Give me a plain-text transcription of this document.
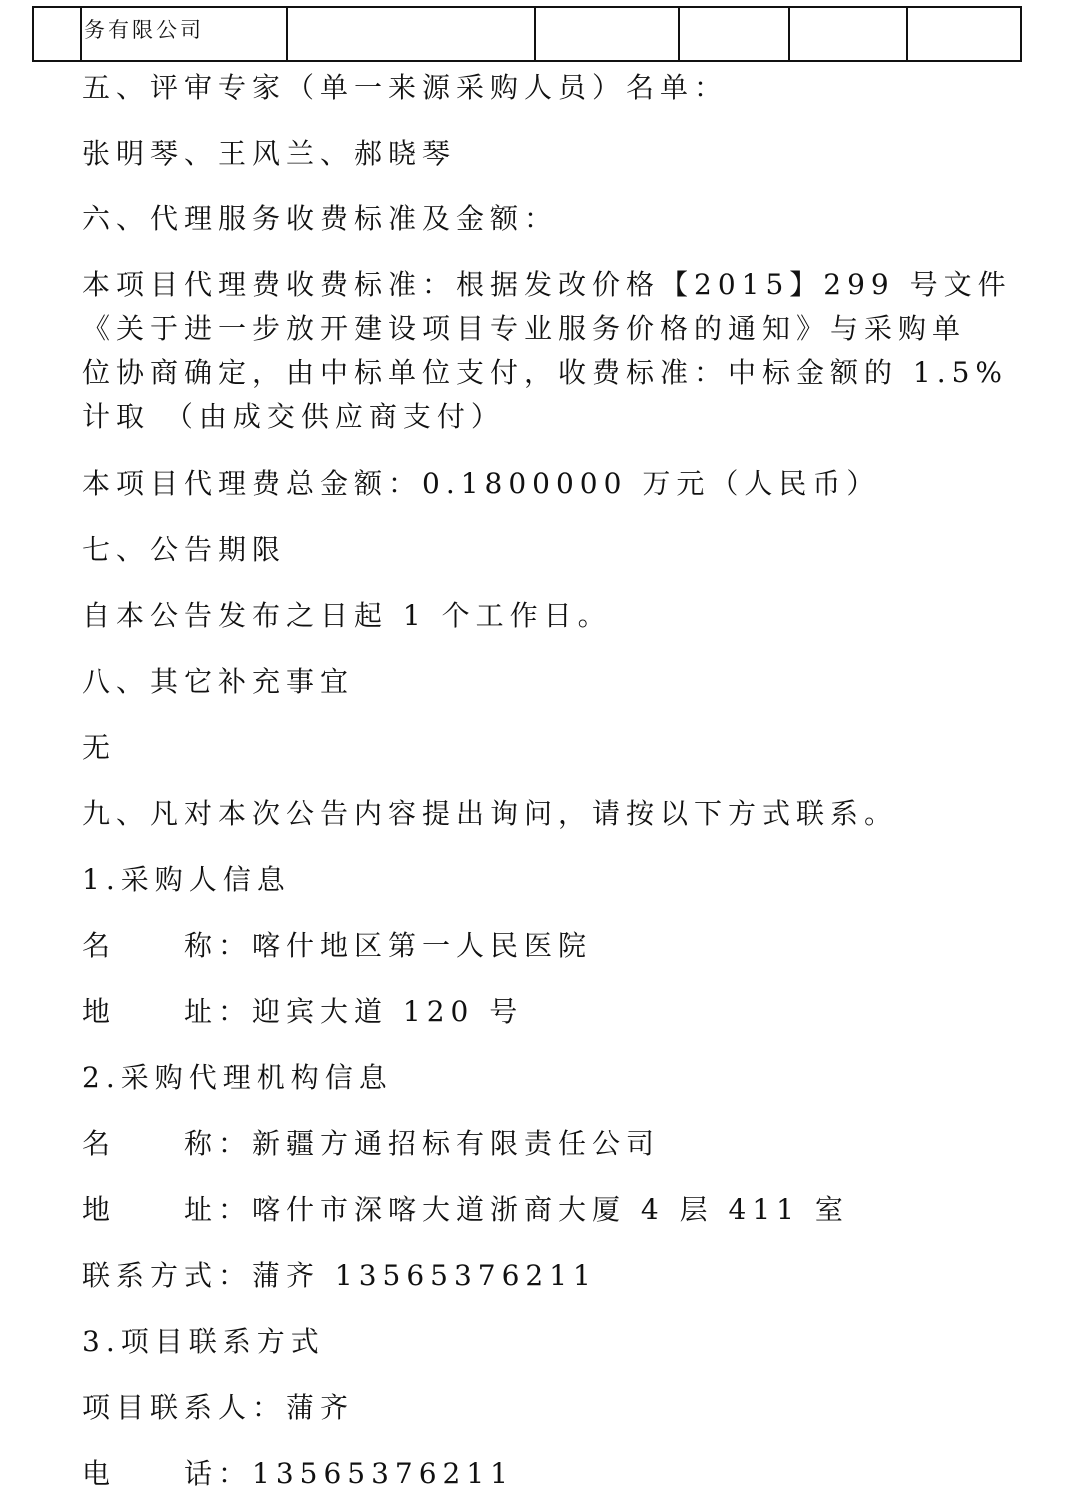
务有限公司

五、评审专家（单一来源采购人员）名单：
张明琴、王风兰、郝晓琴
六、代理服务收费标准及金额：
本项目代理费收费标准：根据发改价格【2015】299 号文件
《关于进一步放开建设项目专业服务价格的通知》与采购单
位协商确定，由中标单位支付，收费标准：中标金额的 1.5%
计取 （由成交供应商支付）
本项目代理费总金额：0.1800000 万元（人民币）
七、公告期限
自本公告发布之日起 1 个工作日。
八、其它补充事宜
无
九、凡对本次公告内容提出询问，请按以下方式联系。
1.采购人信息
名　　称：喀什地区第一人民医院
地　　址：迎宾大道 120 号
2.采购代理机构信息
名　　称：新疆方通招标有限责任公司
地　　址：喀什市深喀大道浙商大厦 4 层 411 室
联系方式：蒲齐 13565376211
3.项目联系方式
项目联系人：蒲齐
电　　话：13565376211
